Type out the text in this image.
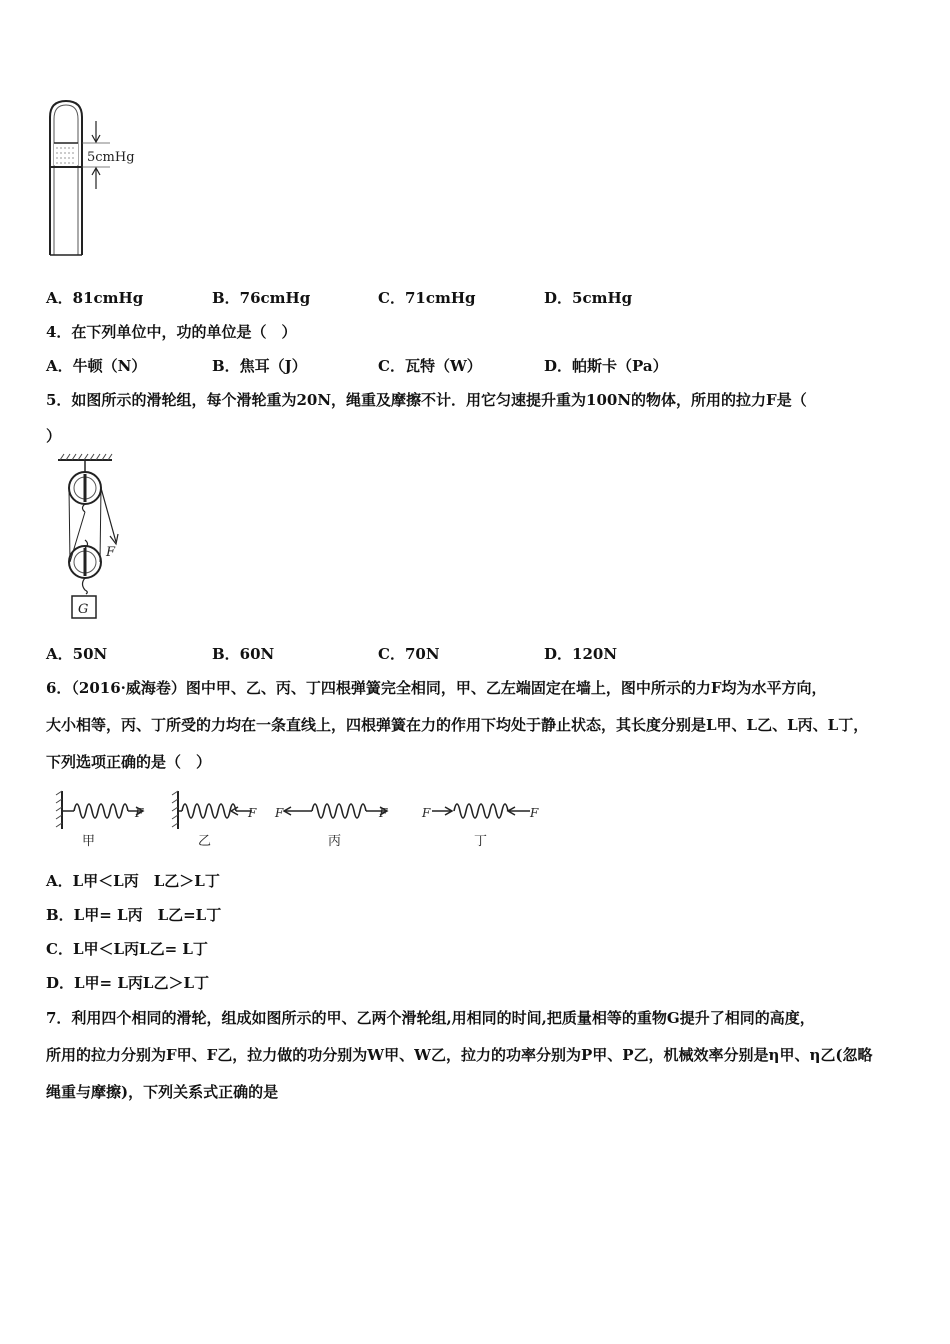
5cmHg
A．81cmHg	B．76cmHg	C．71cmHg	D．5cmHg
4．在下列单位中，功的单位是（　）
A．牛顿（N）	B．焦耳（J）	C．瓦特（W）	D．帕斯卡（Pa）
5．如图所示的滑轮组，每个滑轮重为20N，绳重及摩擦不计．用它匀速提升重为100N的物体，所用的拉力F是（
）
F
G
A．50N	B．60N	C．70N	D．120N
6．（2016·威海卷）图中甲、乙、丙、丁四根弹簧完全相同，甲、乙左端固定在墙上，图中所示的力F均为水平方向，
大小相等，丙、丁所受的力均在一条直线上，四根弹簧在力的作用下均处于静止状态，其长度分别是L甲、L乙、L丙、L丁，
下列选项正确的是（　）
F
甲
F
乙
F	F
丙
F	F
丁
A．L甲＜L丙　L乙＞L丁
B．L甲= L丙　L乙=L丁
C．L甲＜L丙L乙= L丁
D．L甲= L丙L乙＞L丁
7．利用四个相同的滑轮，组成如图所示的甲、乙两个滑轮组,用相同的时间,把质量相等的重物G提升了相同的高度，
所用的拉力分别为F甲、F乙，拉力做的功分别为W甲、W乙，拉力的功率分别为P甲、P乙，机械效率分别是η甲、η乙(忽略
绳重与摩擦)，下列关系式正确的是
